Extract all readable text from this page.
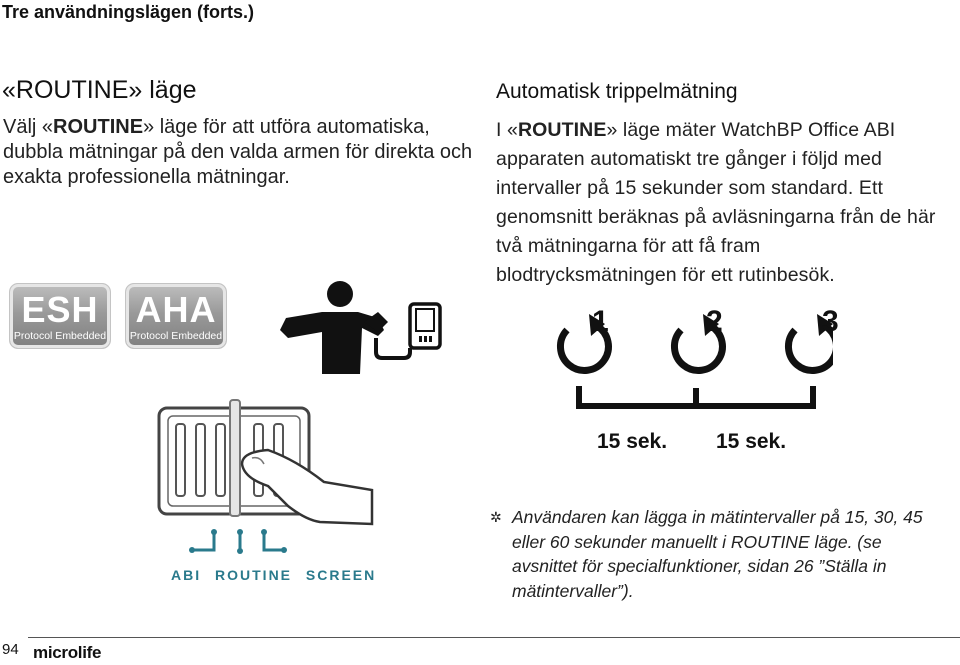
Tre användningslägen (forts.)
«ROUTINE» läge
Välj «ROUTINE» läge för att utföra automatiska, dubbla mätningar på den valda armen för direkta och exakta professionella mätningar.
Automatisk trippelmätning
I «ROUTINE» läge mäter WatchBP Office ABI apparaten automatiskt tre gånger i följd med intervaller på 15 sekunder som standard. Ett genomsnitt beräknas på avläsningarna från de här två mätningarna för att få fram blodtrycksmätningen för ett rutinbesök.
ESH
Protocol Embedded
AHA
Protocol Embedded	1	2	3
15 sek. 15 sek.
ABI ROUTINE SCREEN
✲ Användaren kan lägga in mätintervaller på 15, 30, 45 eller 60 sekunder manuellt i ROUTINE läge. (se avsnittet för specialfunktioner, sidan 26 ”Ställa in mätintervaller”).
94 microlife
